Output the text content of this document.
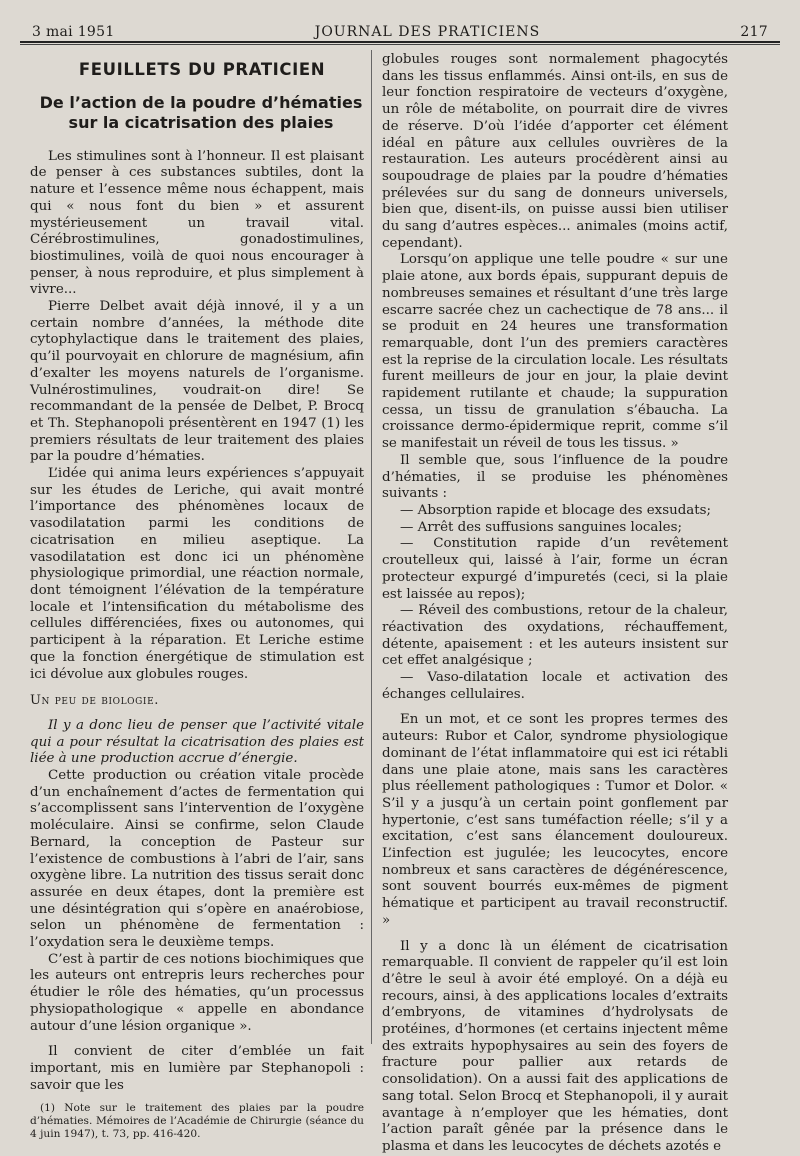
3 mai 1951	JOURNAL DES PRATICIENS	217
FEUILLETS DU PRATICIEN
De l’action de la poudre d’hématies
sur la cicatrisation des plaies

Les stimulines sont à l’honneur. Il est plaisant de penser à ces substances subtiles, dont la nature et l’essence même nous échappent, mais qui « nous font du bien » et assurent mystérieusement un travail vital. Cérébrostimulines, gonadostimulines, biostimulines, voilà de quoi nous encourager à penser, à nous reproduire, et plus simplement à vivre...

Pierre Delbet avait déjà innové, il y a un certain nombre d’années, la méthode dite cytophylactique dans le traitement des plaies, qu’il pourvoyait en chlorure de magnésium, afin d’exalter les moyens naturels de l’organisme. Vulnérostimulines, voudrait-on dire! Se recommandant de la pensée de Delbet, P. Brocq et Th. Stephanopoli présentèrent en 1947 (1) les premiers résultats de leur traitement des plaies par la poudre d’hématies.

L’idée qui anima leurs expériences s’appuyait sur les études de Leriche, qui avait montré l’importance des phénomènes locaux de vasodilatation parmi les conditions de cicatrisation en milieu aseptique. La vasodilatation est donc ici un phénomène physiologique primordial, une réaction normale, dont témoignent l’élévation de la température locale et l’intensification du métabolisme des cellules différenciées, fixes ou autonomes, qui participent à la réparation. Et Leriche estime que la fonction énergétique de stimulation est ici dévolue aux globules rouges.

Un peu de biologie.

Il y a donc lieu de penser que l’activité vitale qui a pour résultat la cicatrisation des plaies est liée à une production accrue d’énergie.

Cette production ou création vitale procède d’un enchaînement d’actes de fermentation qui s’accomplissent sans l’intervention de l’oxygène moléculaire. Ainsi se confirme, selon Claude Bernard, la conception de Pasteur sur l’existence de combustions à l’abri de l’air, sans oxygène libre. La nutrition des tissus serait donc assurée en deux étapes, dont la première est une désintégration qui s’opère en anaérobiose, selon un phénomène de fermentation : l’oxydation sera le deuxième temps.

C’est à partir de ces notions biochimiques que les auteurs ont entrepris leurs recherches pour étudier le rôle des hématies, qu’un processus physiopathologique « appelle en abondance autour d’une lésion organique ».

Il convient de citer d’emblée un fait important, mis en lumière par Stephanopoli : savoir que les

(1) Note sur le traitement des plaies par la poudre d’hématies. Mémoires de l’Académie de Chirurgie (séance du 4 juin 1947), t. 73, pp. 416-420.

globules rouges sont normalement phagocytés dans les tissus enflammés. Ainsi ont-ils, en sus de leur fonction respiratoire de vecteurs d’oxygène, un rôle de métabolite, on pourrait dire de vivres de réserve. D’où l’idée d’apporter cet élément idéal en pâture aux cellules ouvrières de la restauration. Les auteurs procédèrent ainsi au soupoudrage de plaies par la poudre d’hématies prélevées sur du sang de donneurs universels, bien que, disent-ils, on puisse aussi bien utiliser du sang d’autres espèces... animales (moins actif, cependant).

Lorsqu’on applique une telle poudre « sur une plaie atone, aux bords épais, suppurant depuis de nombreuses semaines et résultant d’une très large escarre sacrée chez un cachectique de 78 ans... il se produit en 24 heures une transformation remarquable, dont l’un des premiers caractères est la reprise de la circulation locale. Les résultats furent meilleurs de jour en jour, la plaie devint rapidement rutilante et chaude; la suppuration cessa, un tissu de granulation s’ébaucha. La croissance dermo-épidermique reprit, comme s’il se manifestait un réveil de tous les tissus. »

Il semble que, sous l’influence de la poudre d’hématies, il se produise les phénomènes suivants :

— Absorption rapide et blocage des exsudats;

— Arrêt des suffusions sanguines locales;

— Constitution rapide d’un revêtement croutelleux qui, laissé à l’air, forme un écran protecteur expurgé d’impuretés (ceci, si la plaie est laissée au repos);

— Réveil des combustions, retour de la chaleur, réactivation des oxydations, réchauffement, détente, apaisement : et les auteurs insistent sur cet effet analgésique ;

— Vaso-dilatation locale et activation des échanges cellulaires.

En un mot, et ce sont les propres termes des auteurs: Rubor et Calor, syndrome physiologique dominant de l’état inflammatoire qui est ici rétabli dans une plaie atone, mais sans les caractères plus réellement pathologiques : Tumor et Dolor. « S’il y a jusqu’à un certain point gonflement par hypertonie, c’est sans tuméfaction réelle; s’il y a excitation, c’est sans élancement douloureux. L’infection est jugulée; les leucocytes, encore nombreux et sans caractères de dégénérescence, sont souvent bourrés eux-mêmes de pigment hématique et participent au travail reconstructif. »

Il y a donc là un élément de cicatrisation remarquable. Il convient de rappeler qu’il est loin d’être le seul à avoir été employé. On a déjà eu recours, ainsi, à des applications locales d’extraits d’embryons, de vitamines d’hydrolysats de protéines, d’hormones (et certains injectent même des extraits hypophysaires au sein des foyers de fracture pour pallier aux retards de consolidation). On a aussi fait des applications de sang total. Selon Brocq et Stephanopoli, il y aurait avantage à n’employer que les hématies, dont l’action paraît gênée par la présence dans le plasma et dans les leucocytes de déchets azotés e
